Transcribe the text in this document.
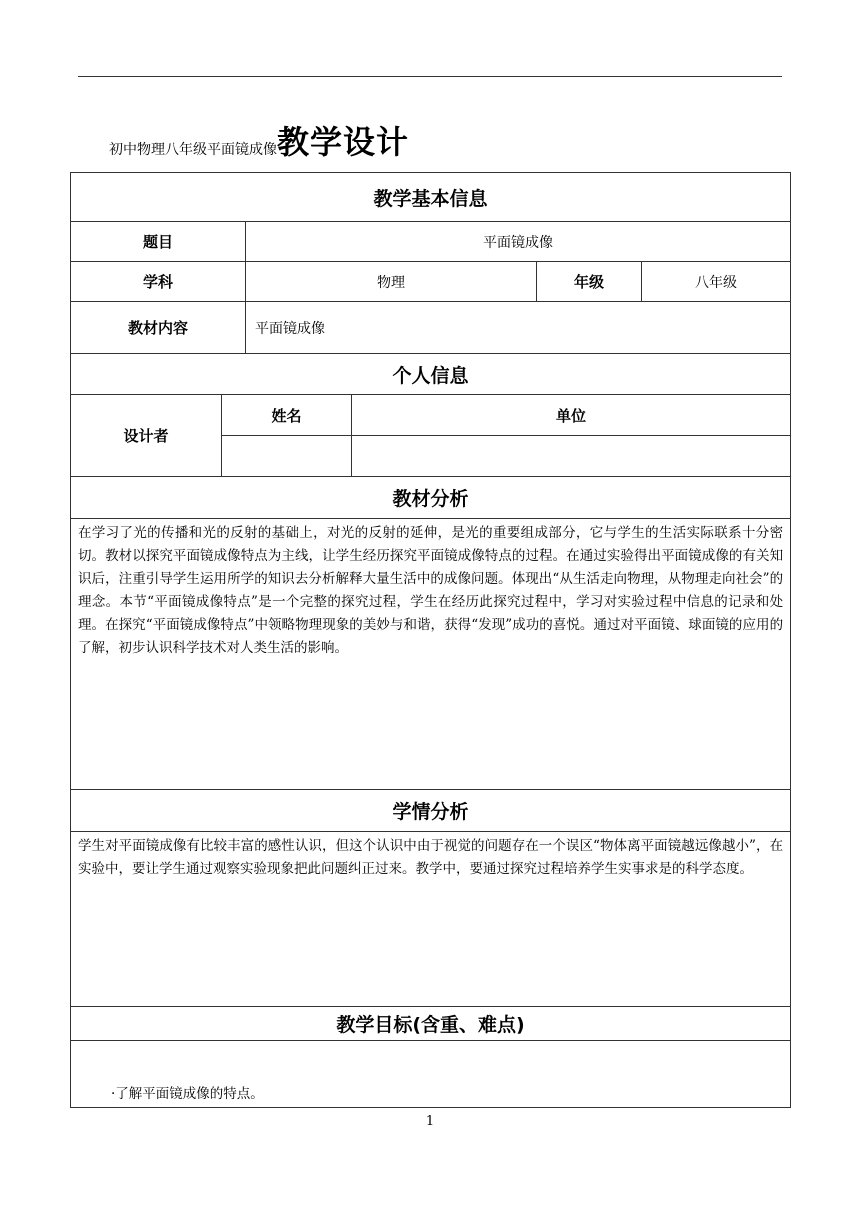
初中物理八年级平面镜成像 教学设计
教学基本信息					
题目		平面镜成像			
学科		物理		年级	八年级
教材内容		平面镜成像			
个人信息					
设计者	姓名		单位		

教材分析					
在学习了光的传播和光的反射的基础上，对光的反射的延伸，是光的重要组成部分，它与学生的生活实际联系十分密切。教材以探究平面镜成像特点为主线，让学生经历探究平面镜成像特点的过程。在通过实验得出平面镜成像的有关知识后，注重引导学生运用所学的知识去分析解释大量生活中的成像问题。体现出“从生活走向物理，从物理走向社会”的理念。本节“平面镜成像特点”是一个完整的探究过程，学生在经历此探究过程中，学习对实验过程中信息的记录和处理。在探究“平面镜成像特点”中领略物理现象的美妙与和谐，获得“发现”成功的喜悦。通过对平面镜、球面镜的应用的了解，初步认识科学技术对人类生活的影响。					
学情分析					
学生对平面镜成像有比较丰富的感性认识，但这个认识中由于视觉的问题存在一个误区“物体离平面镜越远像越小”，在实验中，要让学生通过观察实验现象把此问题纠正过来。教学中，要通过探究过程培养学生实事求是的科学态度。					
教学目标(含重、难点)					

·了解平面镜成像的特点。					
1
